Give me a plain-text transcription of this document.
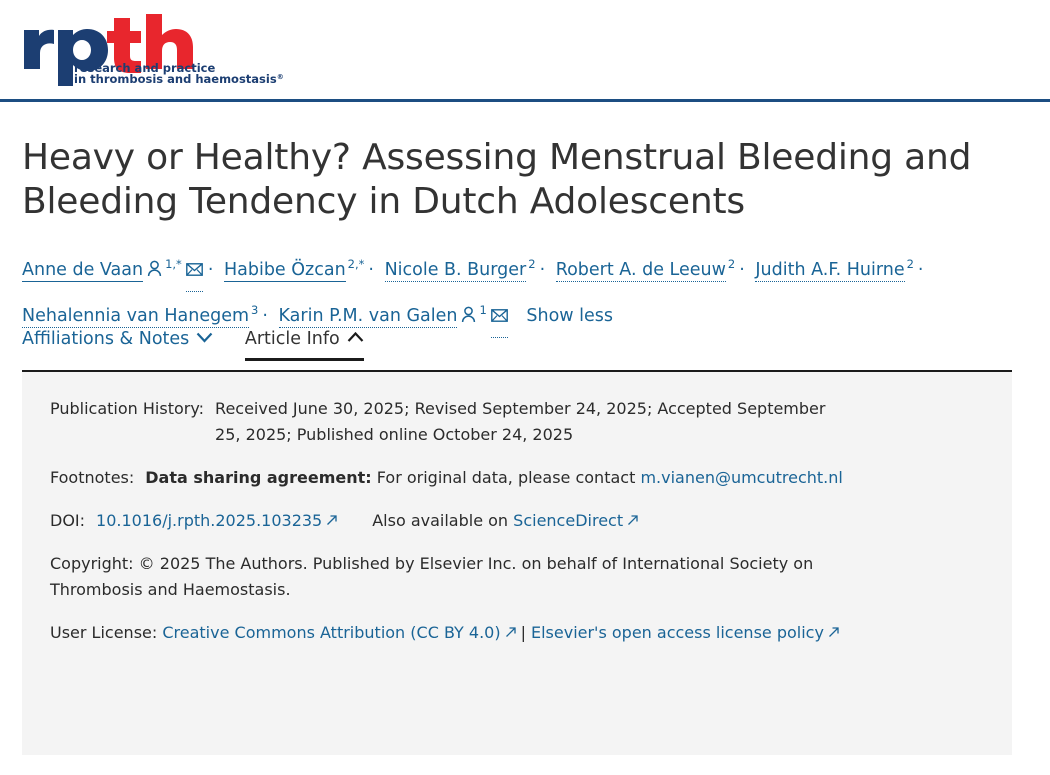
research and practice
in thrombosis and haemostasis®
Heavy or Healthy? Assessing Menstrual Bleeding and Bleeding Tendency in Dutch Adolescents
Anne de Vaan $^{1,*}$ · Habibe Özcan $^{2,*}$ · Nicole B. Burger $^2$ · Robert A. de Leeuw $^2$ · Judith A.F. Huirne $^2$ · Nehalennia van Hanegem $^3$ · Karin P.M. van Galen $^1$ Show less
Affiliations & Notes	Article Info
Publication History: Received June 30, 2025; Revised September 24, 2025; Accepted September 25, 2025; Published online October 24, 2025
Footnotes: Data sharing agreement: For original data, please contact m.vianen@umcutrecht.nl
DOI: 10.1016/j.rpth.2025.103235	Also available on ScienceDirect
Copyright: © 2025 The Authors. Published by Elsevier Inc. on behalf of International Society on Thrombosis and Haemostasis.
User License: Creative Commons Attribution (CC BY 4.0) | Elsevier's open access license policy
